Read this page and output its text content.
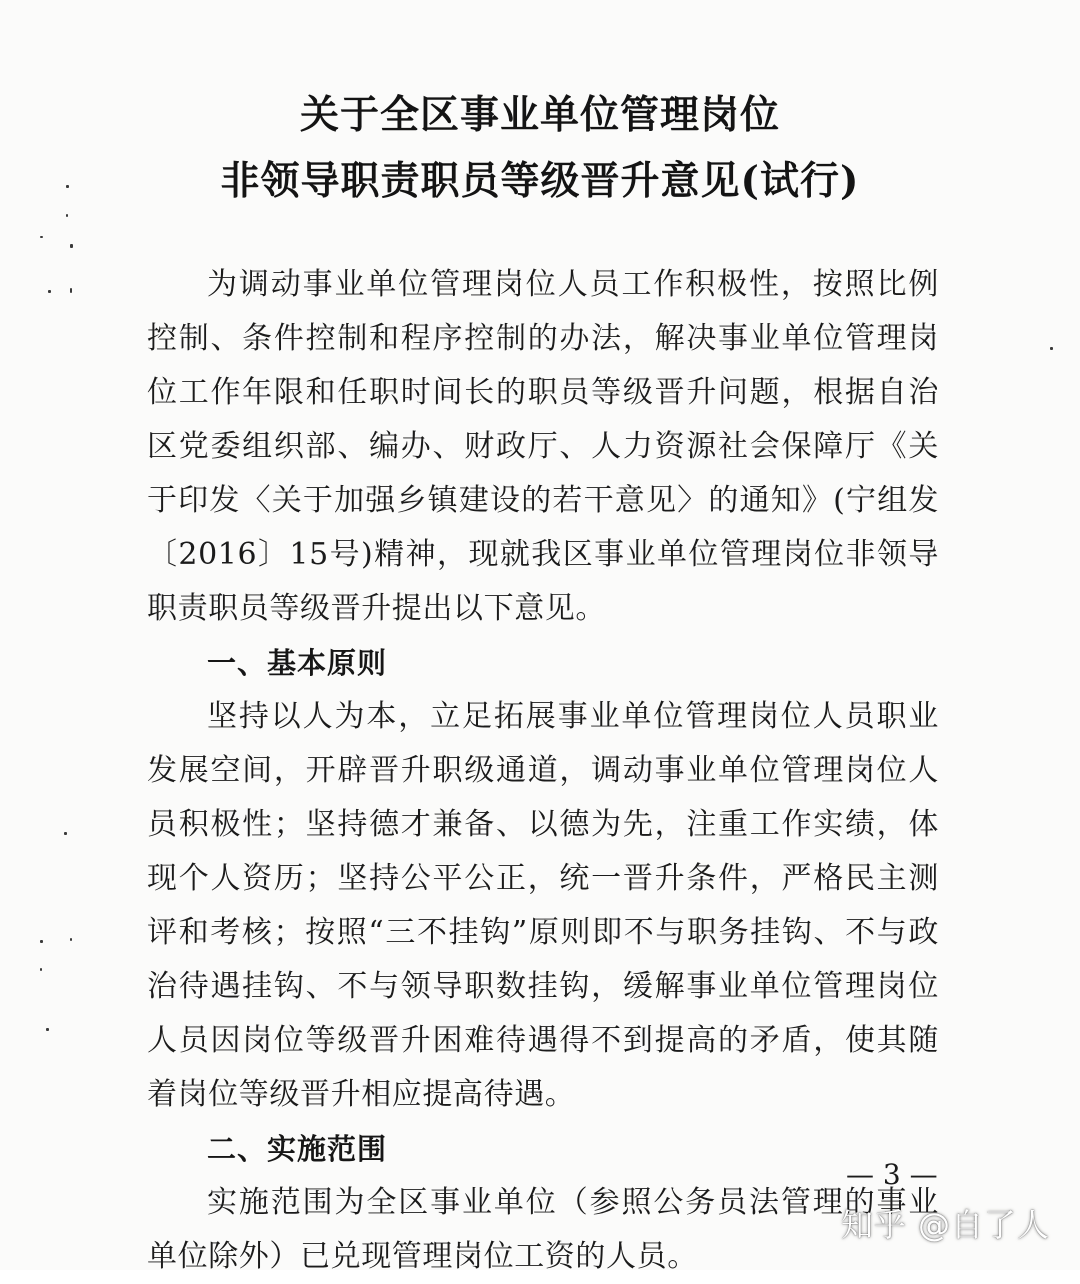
关于全区事业单位管理岗位
非领导职责职员等级晋升意见(试行)

为调动事业单位管理岗位人员工作积极性，按照比例控制、条件控制和程序控制的办法，解决事业单位管理岗位工作年限和任职时间长的职员等级晋升问题，根据自治区党委组织部、编办、财政厅、人力资源社会保障厅《关于印发〈关于加强乡镇建设的若干意见〉的通知》(宁组发〔2016〕15号)精神，现就我区事业单位管理岗位非领导职责职员等级晋升提出以下意见。

一、基本原则

坚持以人为本，立足拓展事业单位管理岗位人员职业发展空间，开辟晋升职级通道，调动事业单位管理岗位人员积极性；坚持德才兼备、以德为先，注重工作实绩，体现个人资历；坚持公平公正，统一晋升条件，严格民主测评和考核；按照“三不挂钩”原则即不与职务挂钩、不与政治待遇挂钩、不与领导职数挂钩，缓解事业单位管理岗位人员因岗位等级晋升困难待遇得不到提高的矛盾，使其随着岗位等级晋升相应提高待遇。

二、实施范围

实施范围为全区事业单位（参照公务员法管理的事业单位除外）已兑现管理岗位工资的人员。

— 3 —
知乎 @自了人
